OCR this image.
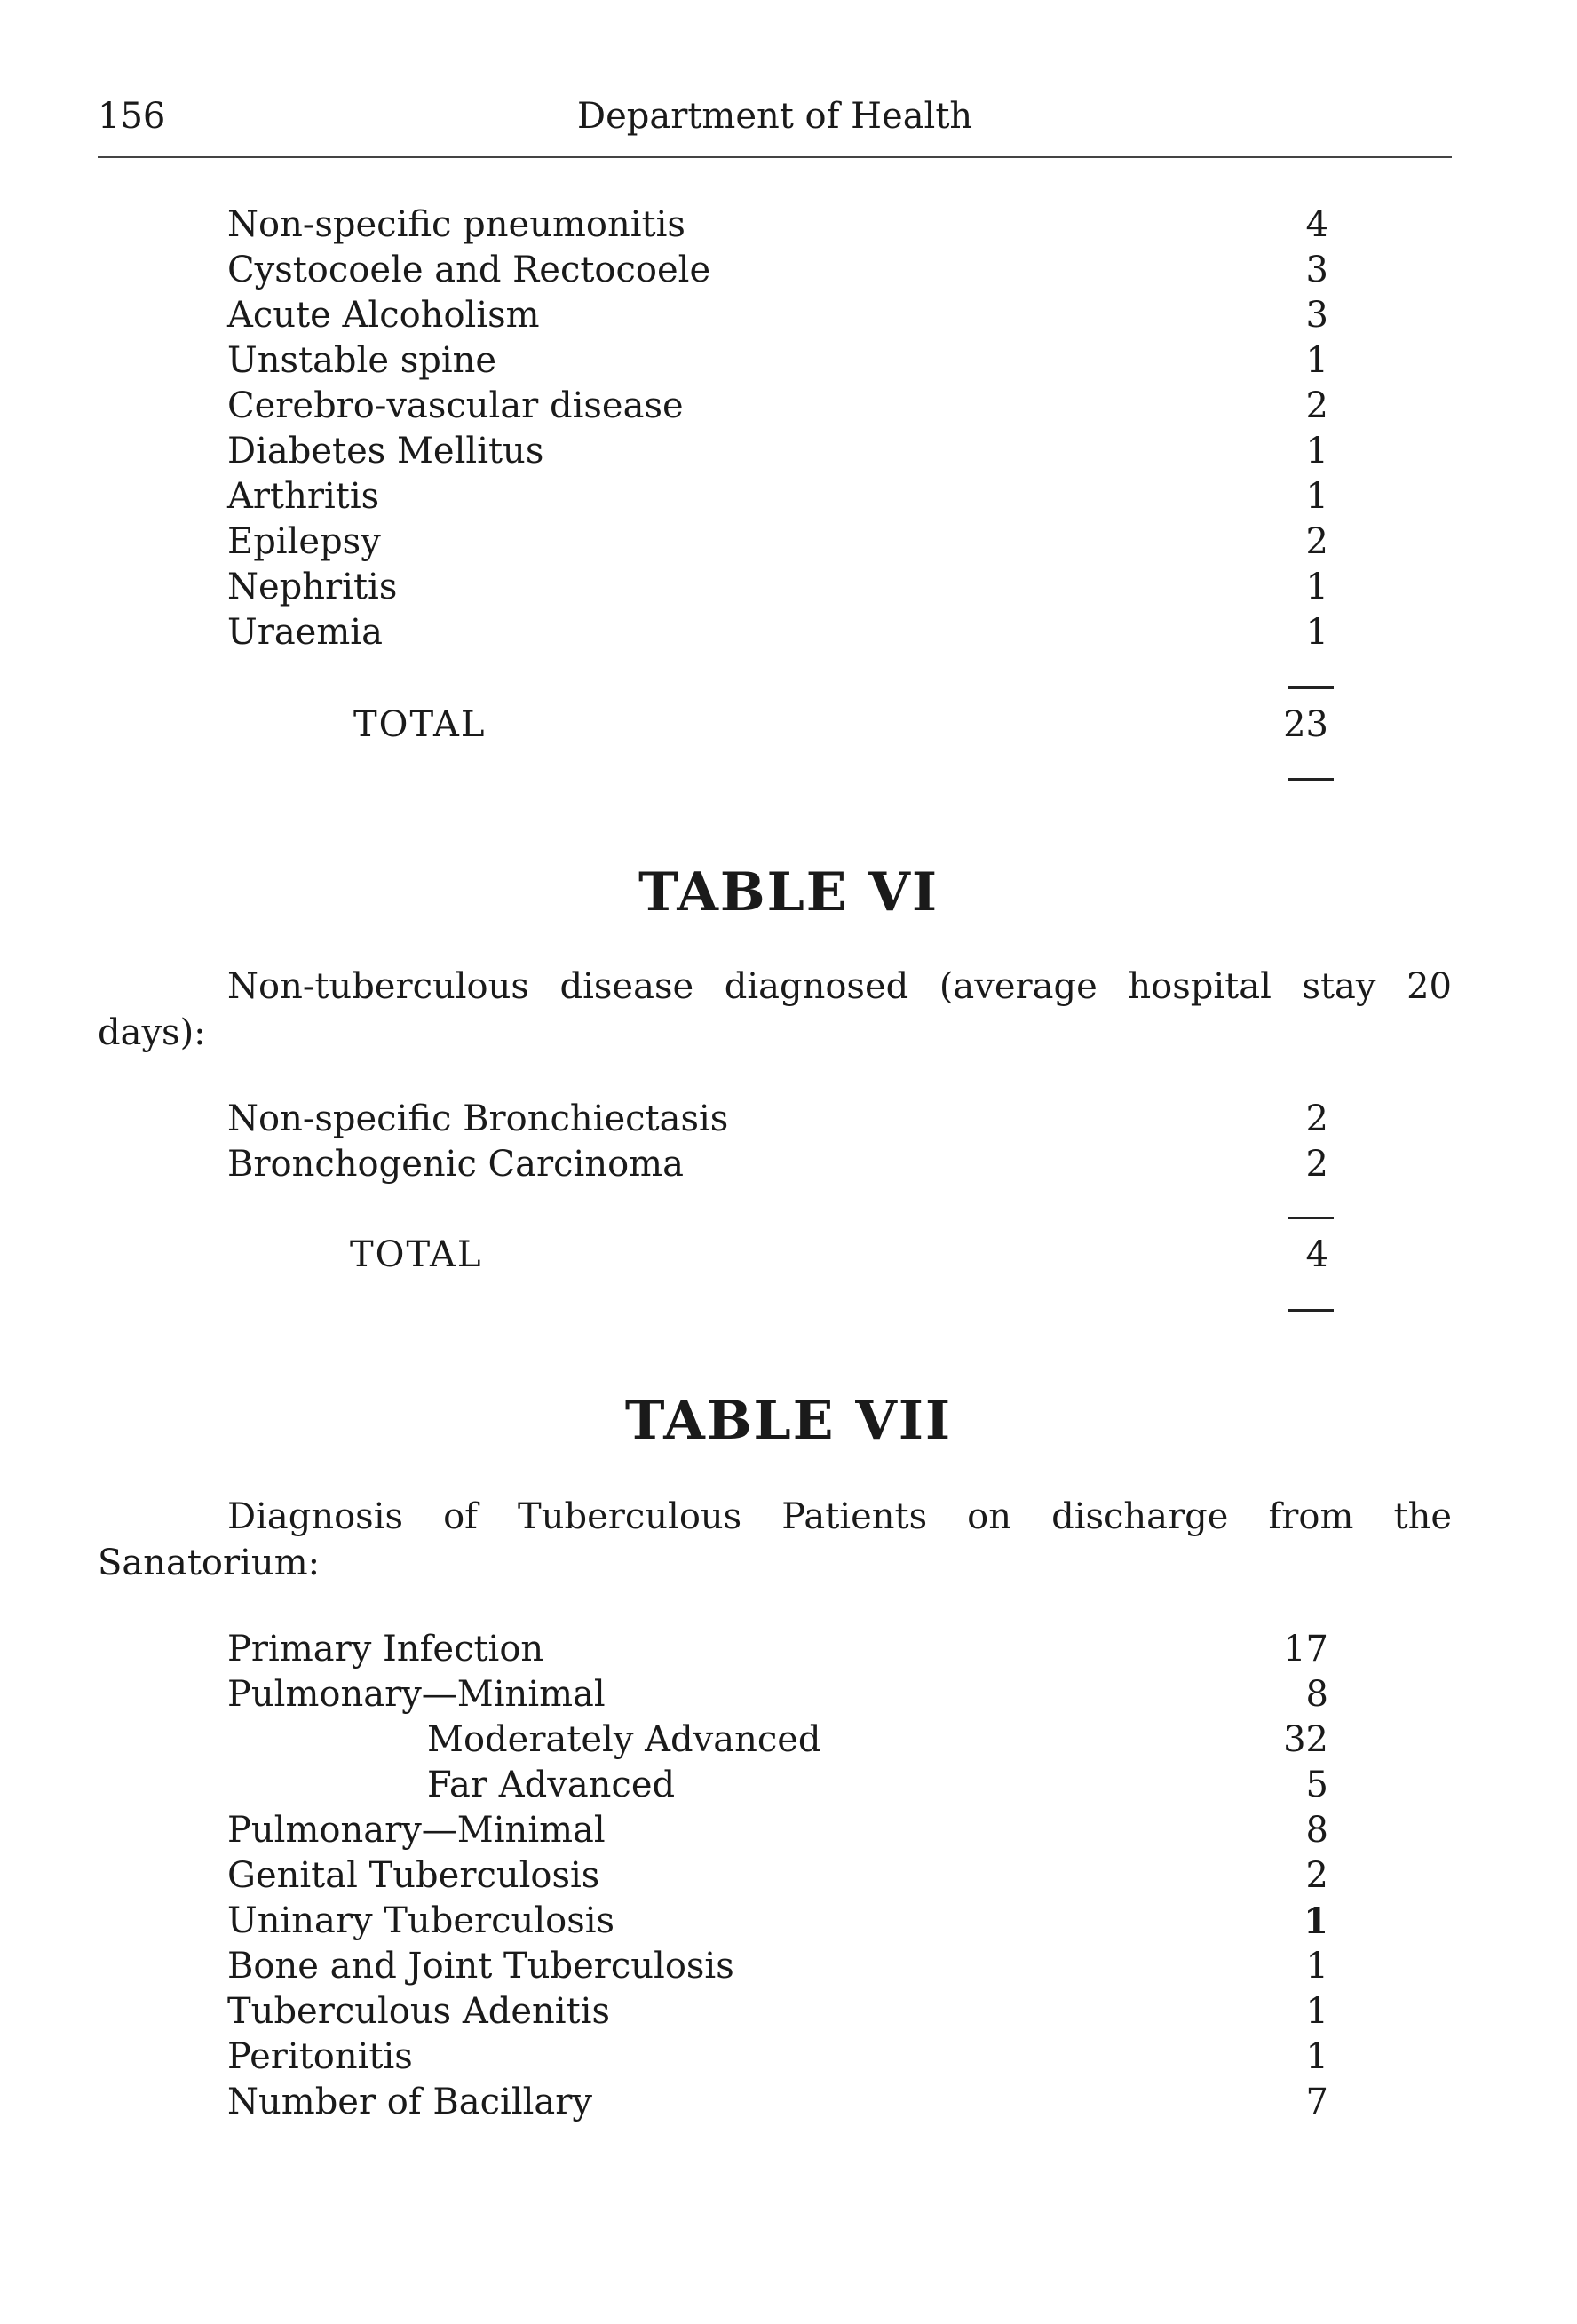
156	Department of Health
Non-specific pneumonitis	4
Cystocoele and Rectocoele	3
Acute Alcoholism	3
Unstable spine	1
Cerebro-vascular disease	2
Diabetes Mellitus	1
Arthritis	1
Epilepsy	2
Nephritis	1
Uraemia	1
TOTAL	23
TABLE VI
Non-tuberculous disease diagnosed (average hospital stay 20
days):
Non-specific Bronchiectasis	2
Bronchogenic Carcinoma	2
TOTAL	4
TABLE VII
Diagnosis of Tuberculous Patients on discharge from the
Sanatorium:
Primary Infection	17
Pulmonary—Minimal	8
Moderately Advanced	32
Far Advanced	5
Pulmonary—Minimal	8
Genital Tuberculosis	2
Uninary Tuberculosis	1
Bone and Joint Tuberculosis	1
Tuberculous Adenitis	1
Peritonitis	1
Number of Bacillary	7
